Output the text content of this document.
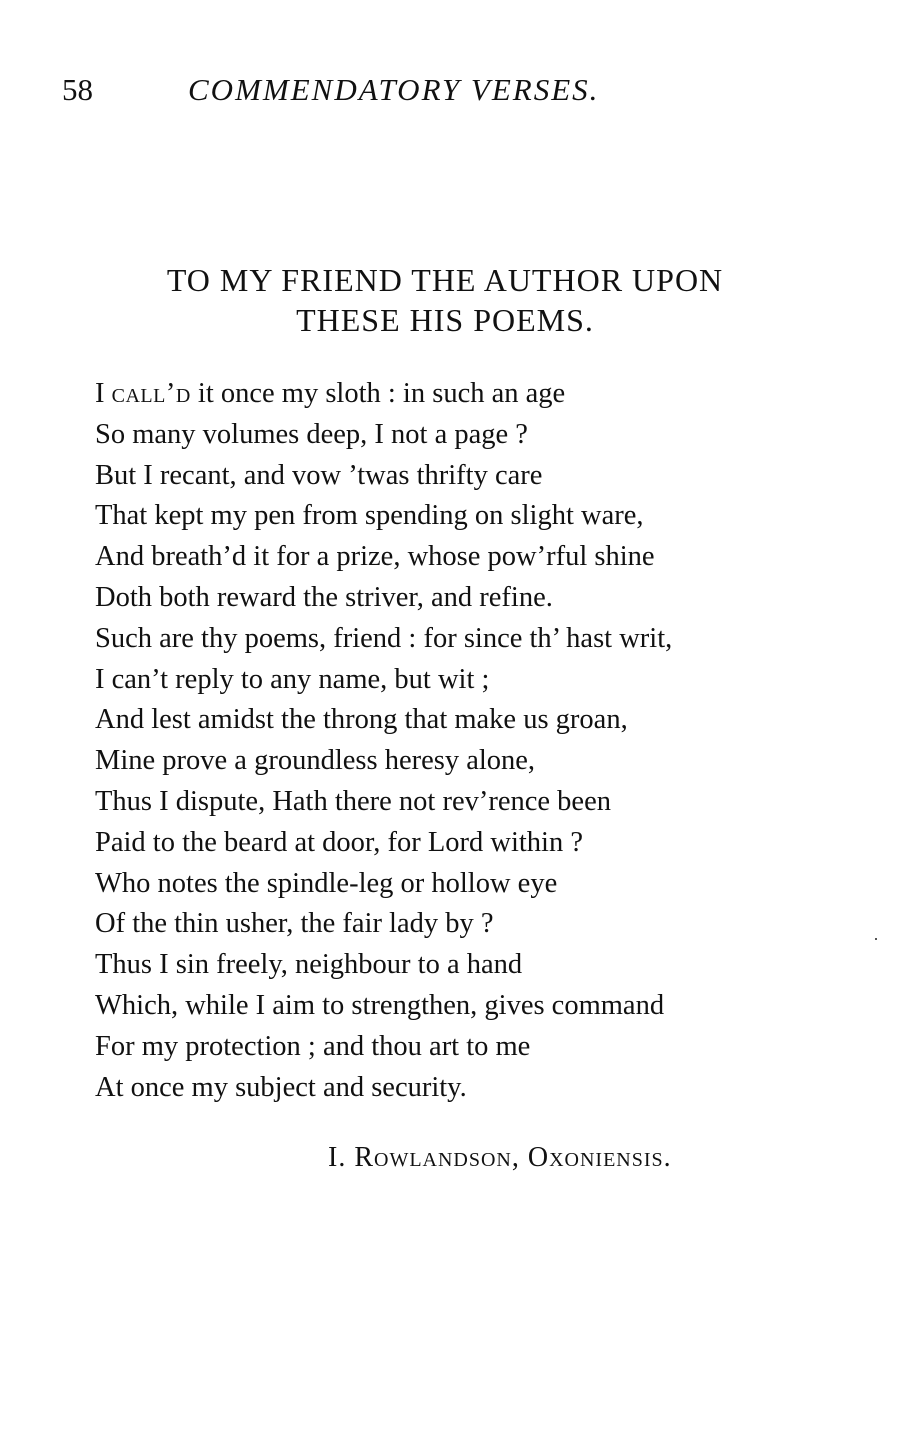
58	COMMENDATORY VERSES.
TO MY FRIEND THE AUTHOR UPON
THESE HIS POEMS.
I call’d it once my sloth : in such an age
So many volumes deep, I not a page ?
But I recant, and vow ’twas thrifty care
That kept my pen from spending on slight ware,
And breath’d it for a prize, whose pow’rful shine
Doth both reward the striver, and refine.
Such are thy poems, friend : for since th’ hast writ,
I can’t reply to any name, but wit ;
And lest amidst the throng that make us groan,
Mine prove a groundless heresy alone,
Thus I dispute, Hath there not rev’rence been
Paid to the beard at door, for Lord within ?
Who notes the spindle-leg or hollow eye
Of the thin usher, the fair lady by ?
Thus I sin freely, neighbour to a hand
Which, while I aim to strengthen, gives command
For my protection ; and thou art to me
At once my subject and security.
I. Rowlandson, Oxoniensis.
